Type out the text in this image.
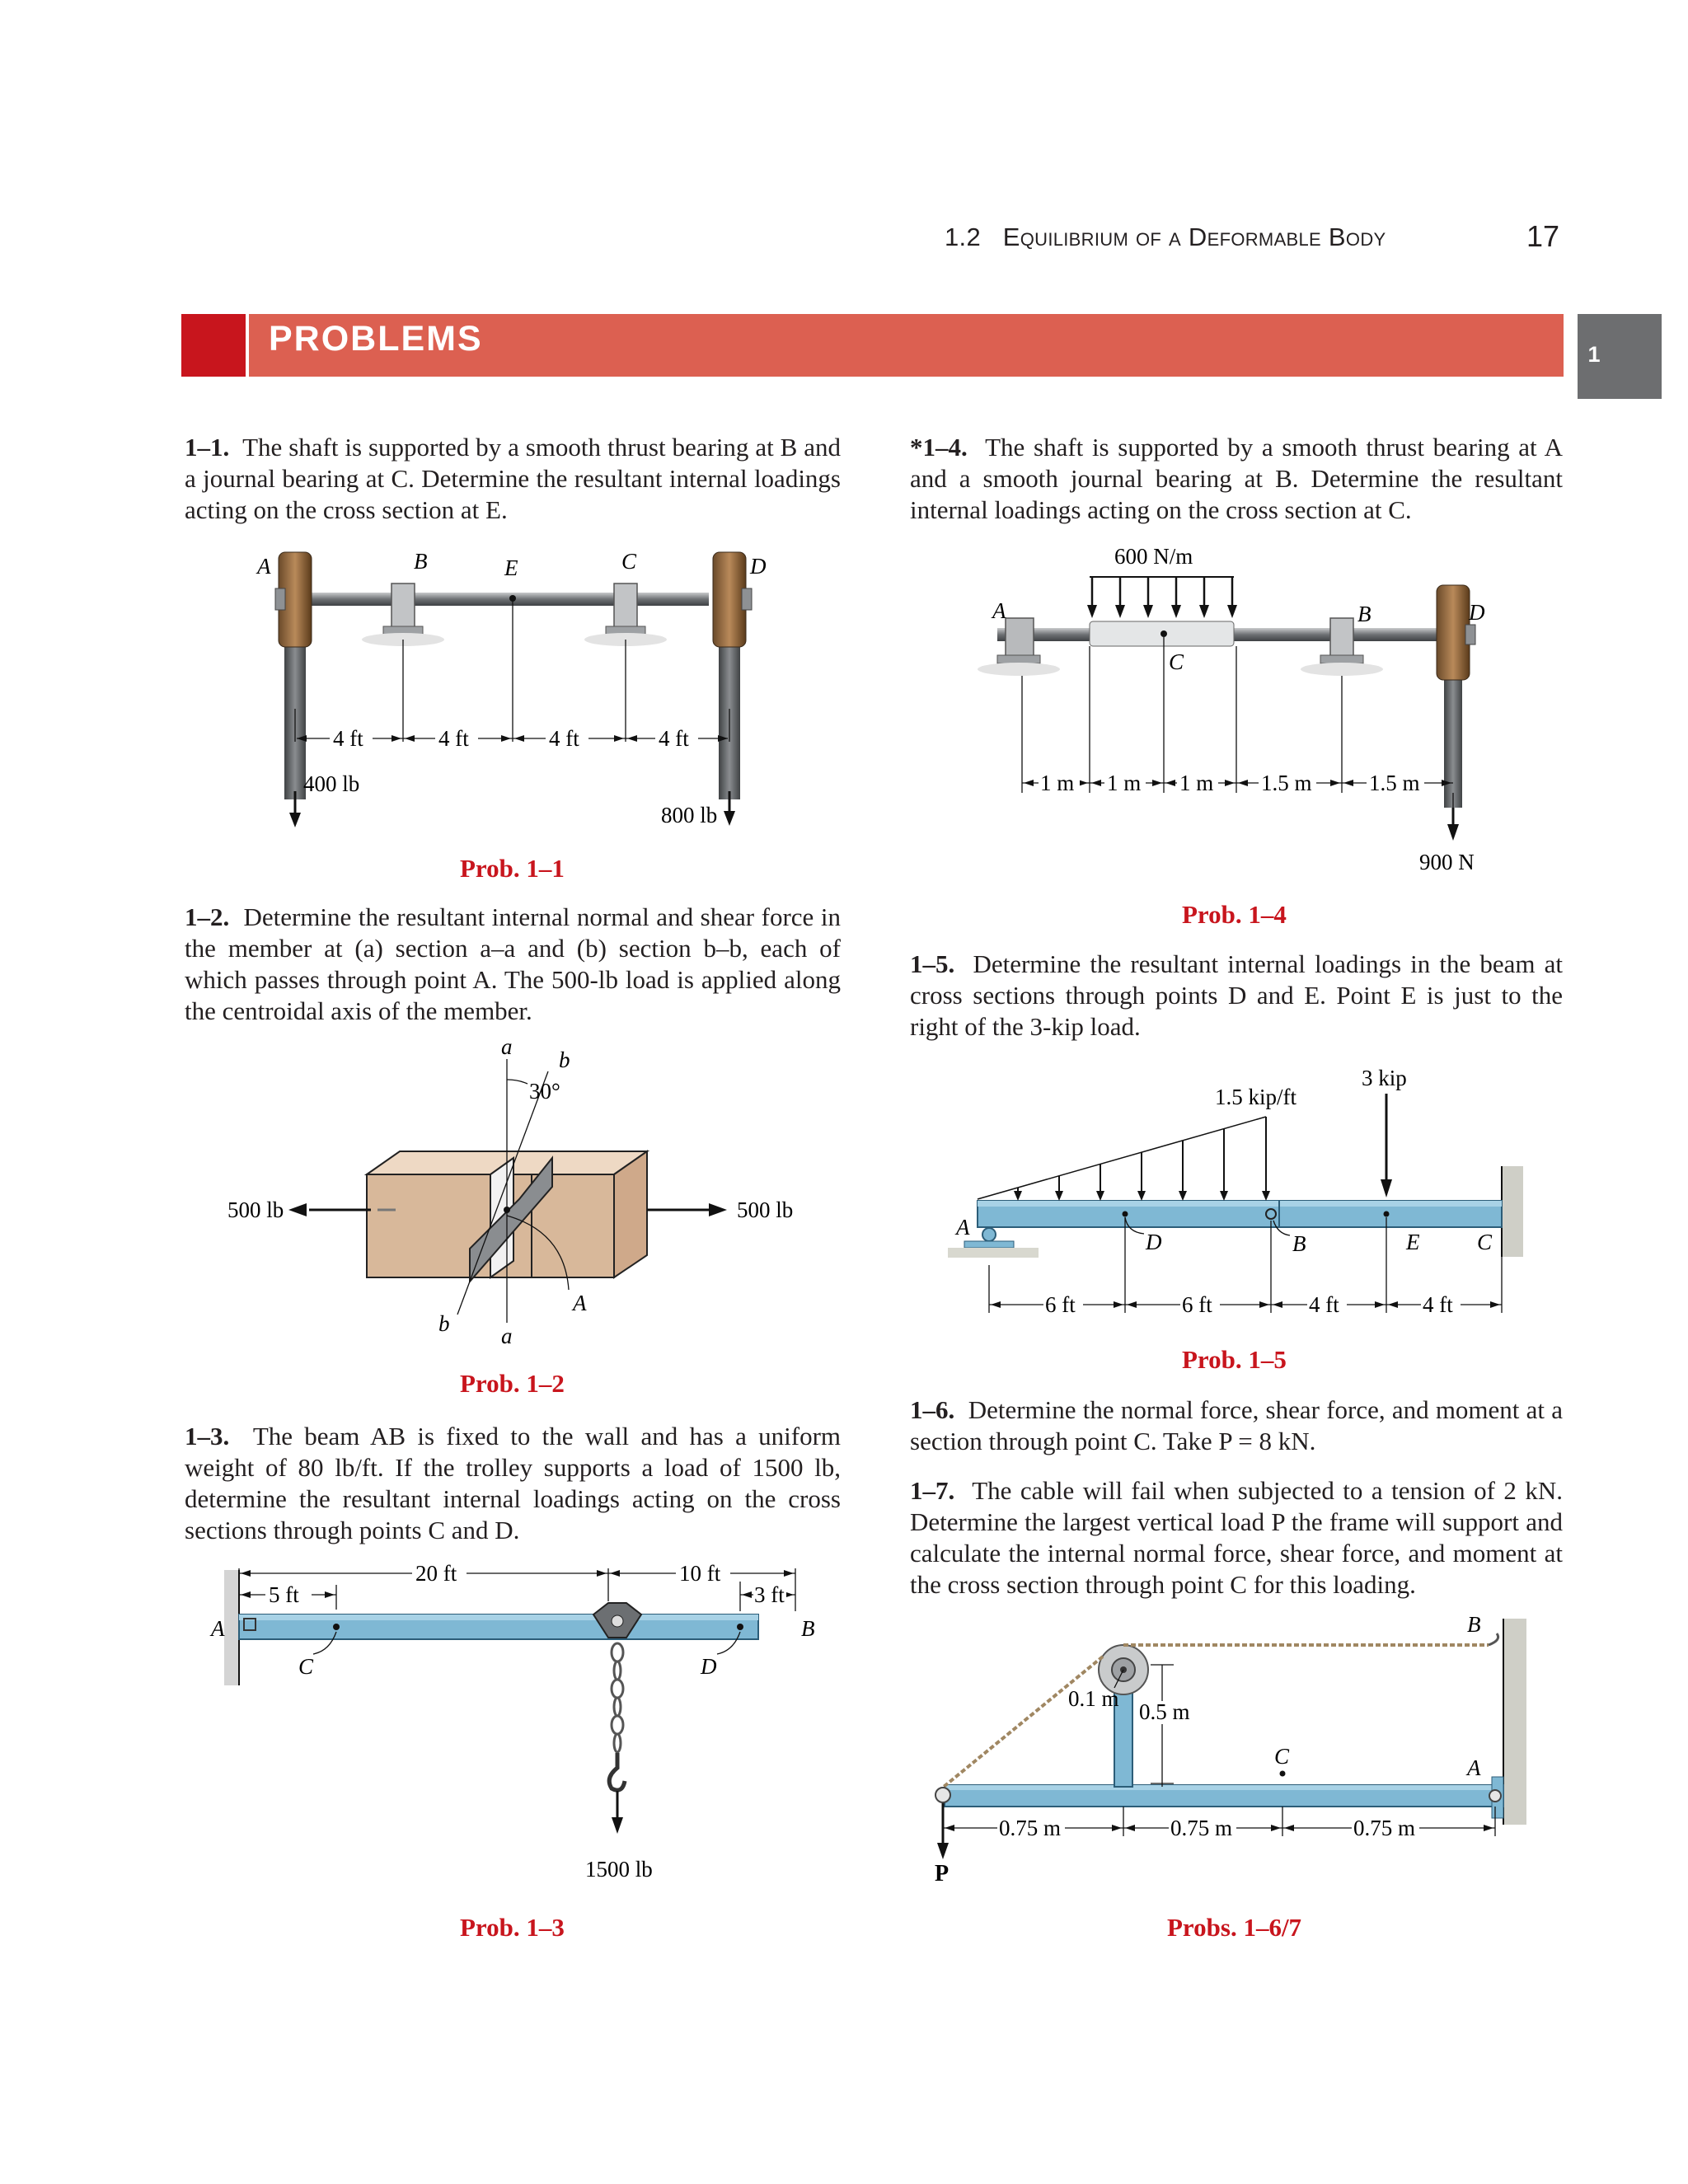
1.2 Equilibrium of a Deformable Body	17
PROBLEMS	1
1–1. The shaft is supported by a smooth thrust bearing at B and a journal bearing at C. Determine the resultant internal loadings acting on the cross section at E.
1–2. Determine the resultant internal normal and shear force in the member at (a) section a–a and (b) section b–b, each of which passes through point A. The 500-lb load is applied along the centroidal axis of the member.
1–3. The beam AB is fixed to the wall and has a uniform weight of 80 lb/ft. If the trolley supports a load of 1500 lb, determine the resultant internal loadings acting on the cross sections through points C and D.
*1–4. The shaft is supported by a smooth thrust bearing at A and a smooth journal bearing at B. Determine the resultant internal loadings acting on the cross section at C.
1–5. Determine the resultant internal loadings in the beam at cross sections through points D and E. Point E is just to the right of the 3-kip load.
1–6. Determine the normal force, shear force, and moment at a section through point C. Take P = 8 kN.
1–7. The cable will fail when subjected to a tension of 2 kN. Determine the largest vertical load P the frame will support and calculate the internal normal force, shear force, and moment at the cross section through point C for this loading.
A	B	E	C	D
4 ft	4 ft	4 ft	4 ft
400 lb
800 lb
Prob. 1–1
a
b
30°
500 lb	500 lb
A
b a
Prob. 1–2
1500 lb
5 ft
20 ft	10 ft
3 ft
A	B
C	D
Prob. 1–3
600 N/m
1 m 1 m 1 m 1.5 m	1.5 m
900 N
A
C
B	D
Prob. 1–4
1.5 kip/ft
3 kip
6 ft	6 ft	4 ft	4 ft
A
D	B	E	C
Prob. 1–5
0.5 m
0.1 m
0.75 m	0.75 m	0.75 m
P
B
C	A
Probs. 1–6/7
